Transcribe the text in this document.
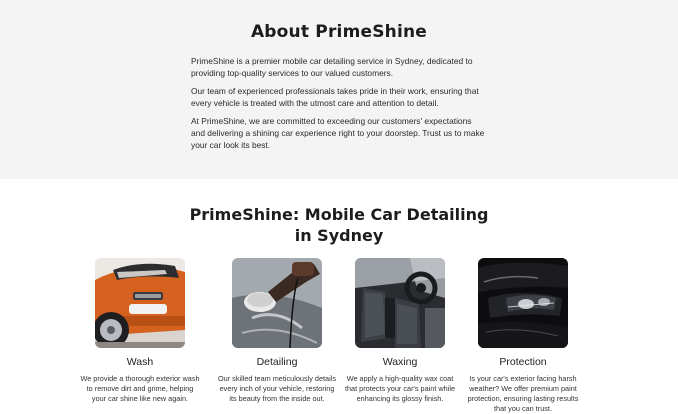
About PrimeShine

PrimeShine is a premier mobile car detailing service in Sydney, dedicated to providing top-quality services to our valued customers.

Our team of experienced professionals takes pride in their work, ensuring that every vehicle is treated with the utmost care and attention to detail.

At PrimeShine, we are committed to exceeding our customers' expectations and delivering a shining car experience right to your doorstep. Trust us to make your car look its best.

PrimeShine: Mobile Car Detailing in Sydney
Wash
We provide a thorough exterior wash to remove dirt and grime, helping your car shine like new again.
Detailing
Our skilled team meticulously details every inch of your vehicle, restoring its beauty from the inside out.
Waxing
We apply a high-quality wax coat that protects your car's paint while enhancing its glossy finish.
Protection
Is your car's exterior facing harsh weather? We offer premium paint protection, ensuring lasting results that you can trust.
